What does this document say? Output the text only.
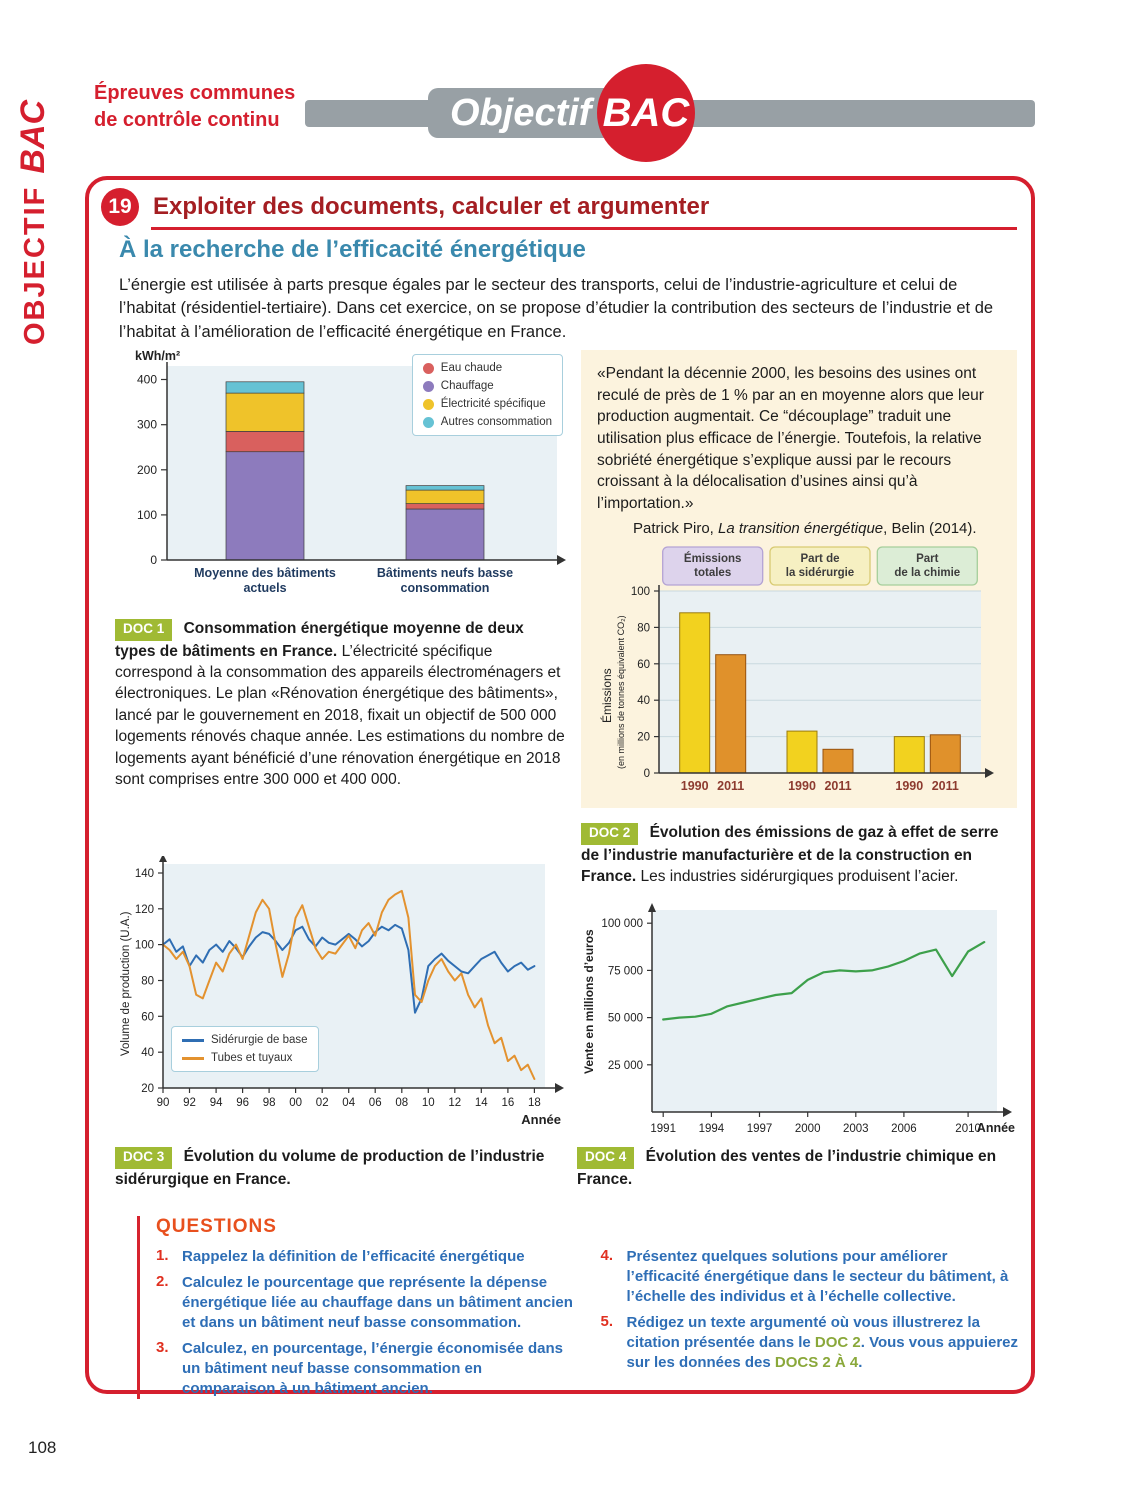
OBJECTIFBAC
Épreuves communes
de contrôle continu	Objectif BAC
19 Exploiter des documents, calculer et argumenter
À la recherche de l’efficacité énergétique

L’énergie est utilisée à parts presque égales par le secteur des transports, celui de l’industrie-agriculture et celui de l’habitat (résidentiel-tertiaire). Dans cet exercice, on se propose d’étudier la contribution des secteurs de l’industrie et de l’habitat à l’amélioration de l’efficacité énergétique en France.

0
100
200
300
400
Moyenne des bâtiments
actuels
Bâtiments neufs basse
consommation
kWh/m²
Eau chaude
Chauffage
Électricité spécifique
Autres consommation

DOC 1 Consommation énergétique moyenne de deux types de bâtiments en France. L’électricité spécifique correspond à la consommation des appareils électroménagers et électroniques. Le plan «Rénovation énergétique des bâtiments», lancé par le gouvernement en 2018, fixait un objectif de 500 000 logements rénovés chaque année. Les estimations du nombre de logements ayant bénéficié d’une rénovation énergétique en 2018 sont comprises entre 300 000 et 400 000.

«Pendant la décennie 2000, les besoins des usines ont reculé de près de 1 % par an en moyenne alors que leur production augmentait. Ce “découplage” traduit une utilisation plus efficace de l’énergie. Toutefois, la relative sobriété énergétique s’explique aussi par le recours croissant à la délocalisation d’usines ainsi qu’à l’importation.»

Patrick Piro, La transition énergétique, Belin (2014).

0
20
40
60
80
100
Émissions
totales
1990 2011
Part de
la sidérurgie
1990 2011
Part
de la chimie
1990 2011
Émissions (en millions de tonnes équivalent CO₂)

DOC 2 Évolution des émissions de gaz à effet de serre de l’industrie manufacturière et de la construction en France. Les industries sidérurgiques produisent l’acier.

20
40
60
80
100
120
140
90 92 94 96 98 00 02 04 06 08 10 12 14 16 18
Volume de production (U.A.)
Année
Sidérurgie de base
Tubes et tuyaux

DOC 3 Évolution du volume de production de l’industrie sidérurgique en France.

25 000
50 000
75 000
100 000
1991 1994 1997 2000 2003 2006	2010
Vente en millions d’euros
Année

DOC 4 Évolution des ventes de l’industrie chimique en France.

QUESTIONS
1. Rappelez la définition de l’efficacité énergétique
2. Calculez le pourcentage que représente la dépense énergétique liée au chauffage dans un bâtiment ancien et dans un bâtiment neuf basse consommation.
3. Calculez, en pourcentage, l’énergie économisée dans un bâtiment neuf basse consommation en comparaison à un bâtiment ancien.
4. Présentez quelques solutions pour améliorer l’efficacité énergétique dans le secteur du bâtiment, à l’échelle des individus et à l’échelle collective.
5. Rédigez un texte argumenté où vous illustrerez la citation présentée dans le DOC 2. Vous vous appuierez sur les données des DOCS 2 À 4.
108
